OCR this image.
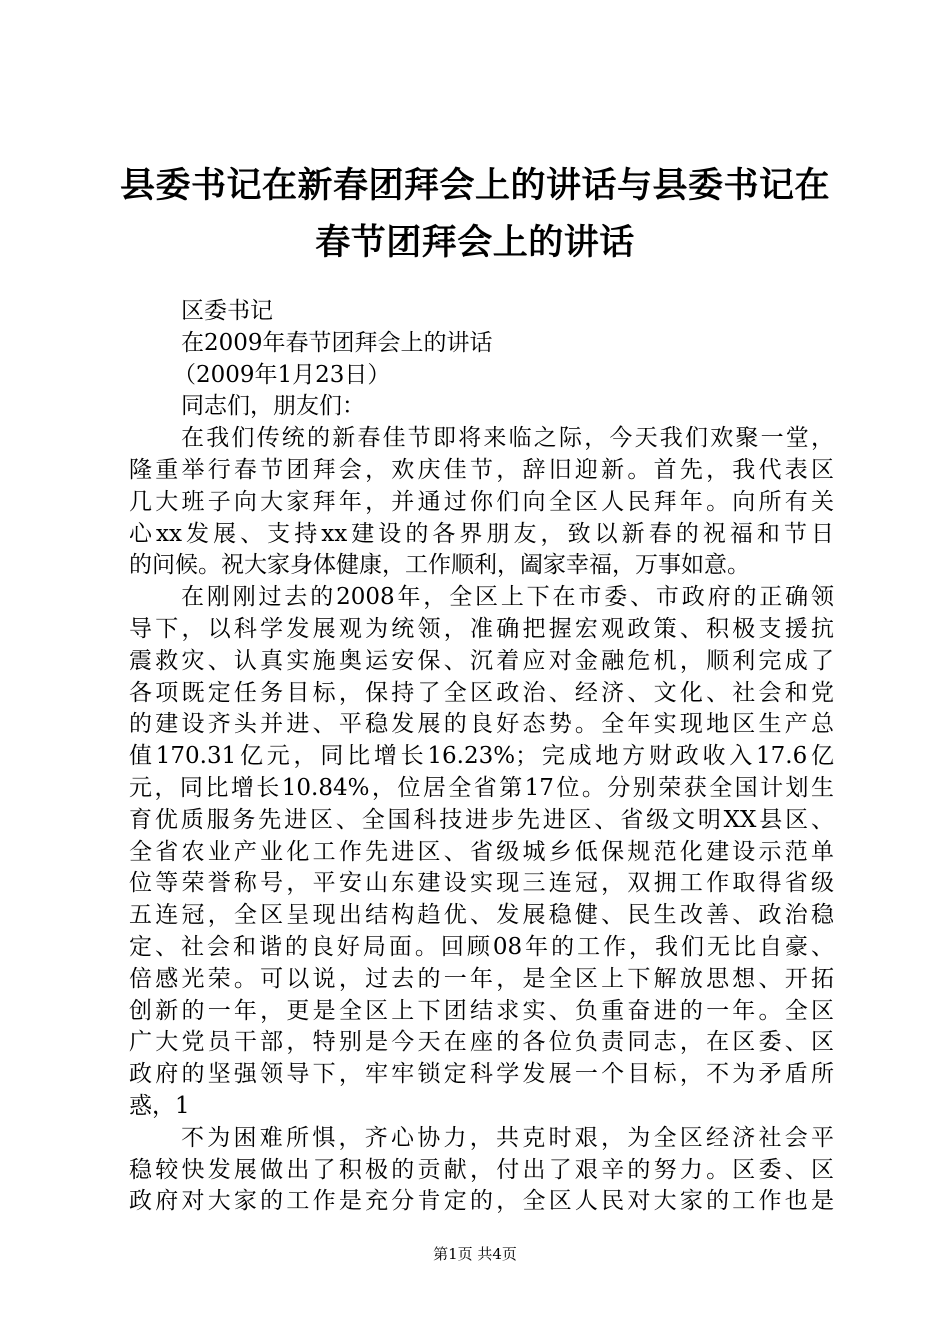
县委书记在新春团拜会上的讲话与县委书记在
春节团拜会上的讲话
区委书记
在2009年春节团拜会上的讲话
（2009年1月23日）
同志们，朋友们：
在我们传统的新春佳节即将来临之际，今天我们欢聚一堂，
隆重举行春节团拜会，欢庆佳节，辞旧迎新。首先，我代表区
几大班子向大家拜年，并通过你们向全区人民拜年。向所有关
心xx发展、支持xx建设的各界朋友，致以新春的祝福和节日
的问候。祝大家身体健康，工作顺利，阖家幸福，万事如意。
在刚刚过去的2008年，全区上下在市委、市政府的正确领
导下，以科学发展观为统领，准确把握宏观政策、积极支援抗
震救灾、认真实施奥运安保、沉着应对金融危机，顺利完成了
各项既定任务目标，保持了全区政治、经济、文化、社会和党
的建设齐头并进、平稳发展的良好态势。全年实现地区生产总
值170.31亿元，同比增长16.23%；完成地方财政收入17.6亿
元，同比增长10.84%，位居全省第17位。分别荣获全国计划生
育优质服务先进区、全国科技进步先进区、省级文明XX县区、
全省农业产业化工作先进区、省级城乡低保规范化建设示范单
位等荣誉称号，平安山东建设实现三连冠，双拥工作取得省级
五连冠，全区呈现出结构趋优、发展稳健、民生改善、政治稳
定、社会和谐的良好局面。回顾08年的工作，我们无比自豪、
倍感光荣。可以说，过去的一年，是全区上下解放思想、开拓
创新的一年，更是全区上下团结求实、负重奋进的一年。全区
广大党员干部，特别是今天在座的各位负责同志，在区委、区
政府的坚强领导下，牢牢锁定科学发展一个目标，不为矛盾所
惑，1
不为困难所惧，齐心协力，共克时艰，为全区经济社会平
稳较快发展做出了积极的贡献，付出了艰辛的努力。区委、区
政府对大家的工作是充分肯定的，全区人民对大家的工作也是
第1页 共4页
